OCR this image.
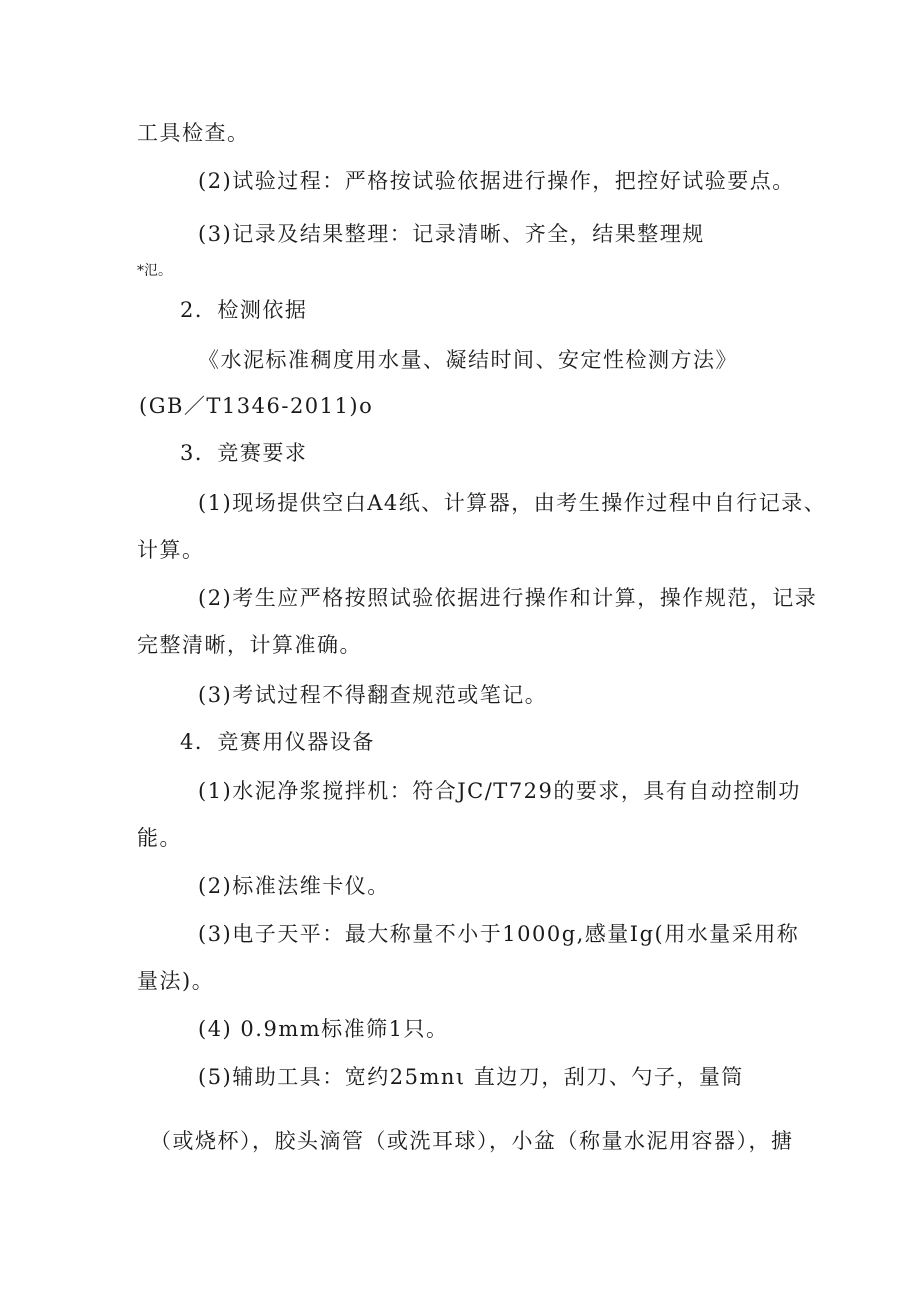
工具检查。
(2)试验过程：严格按试验依据进行操作，把控好试验要点。
(3)记录及结果整理：记录清晰、齐全，结果整理规
*氾。
2．检测依据
《水泥标准稠度用水量、凝结时间、安定性检测方法》
(GB／T1346-2011)o
3．竞赛要求
(1)现场提供空白A4纸、计算器，由考生操作过程中自行记录、
计算。
(2)考生应严格按照试验依据进行操作和计算，操作规范，记录
完整清晰，计算准确。
(3)考试过程不得翻查规范或笔记。
4．竞赛用仪器设备
(1)水泥净浆搅拌机：符合JC/T729的要求，具有自动控制功
能。
(2)标准法维卡仪。
(3)电子天平：最大称量不小于1000g,感量Ig(用水量采用称
量法)。
(4) 0.9mm标准筛1只。
(5)辅助工具：宽约25mnι 直边刀，刮刀、勺子，量筒
（或烧杯），胶头滴管（或洗耳球），小盆（称量水泥用容器），搪
